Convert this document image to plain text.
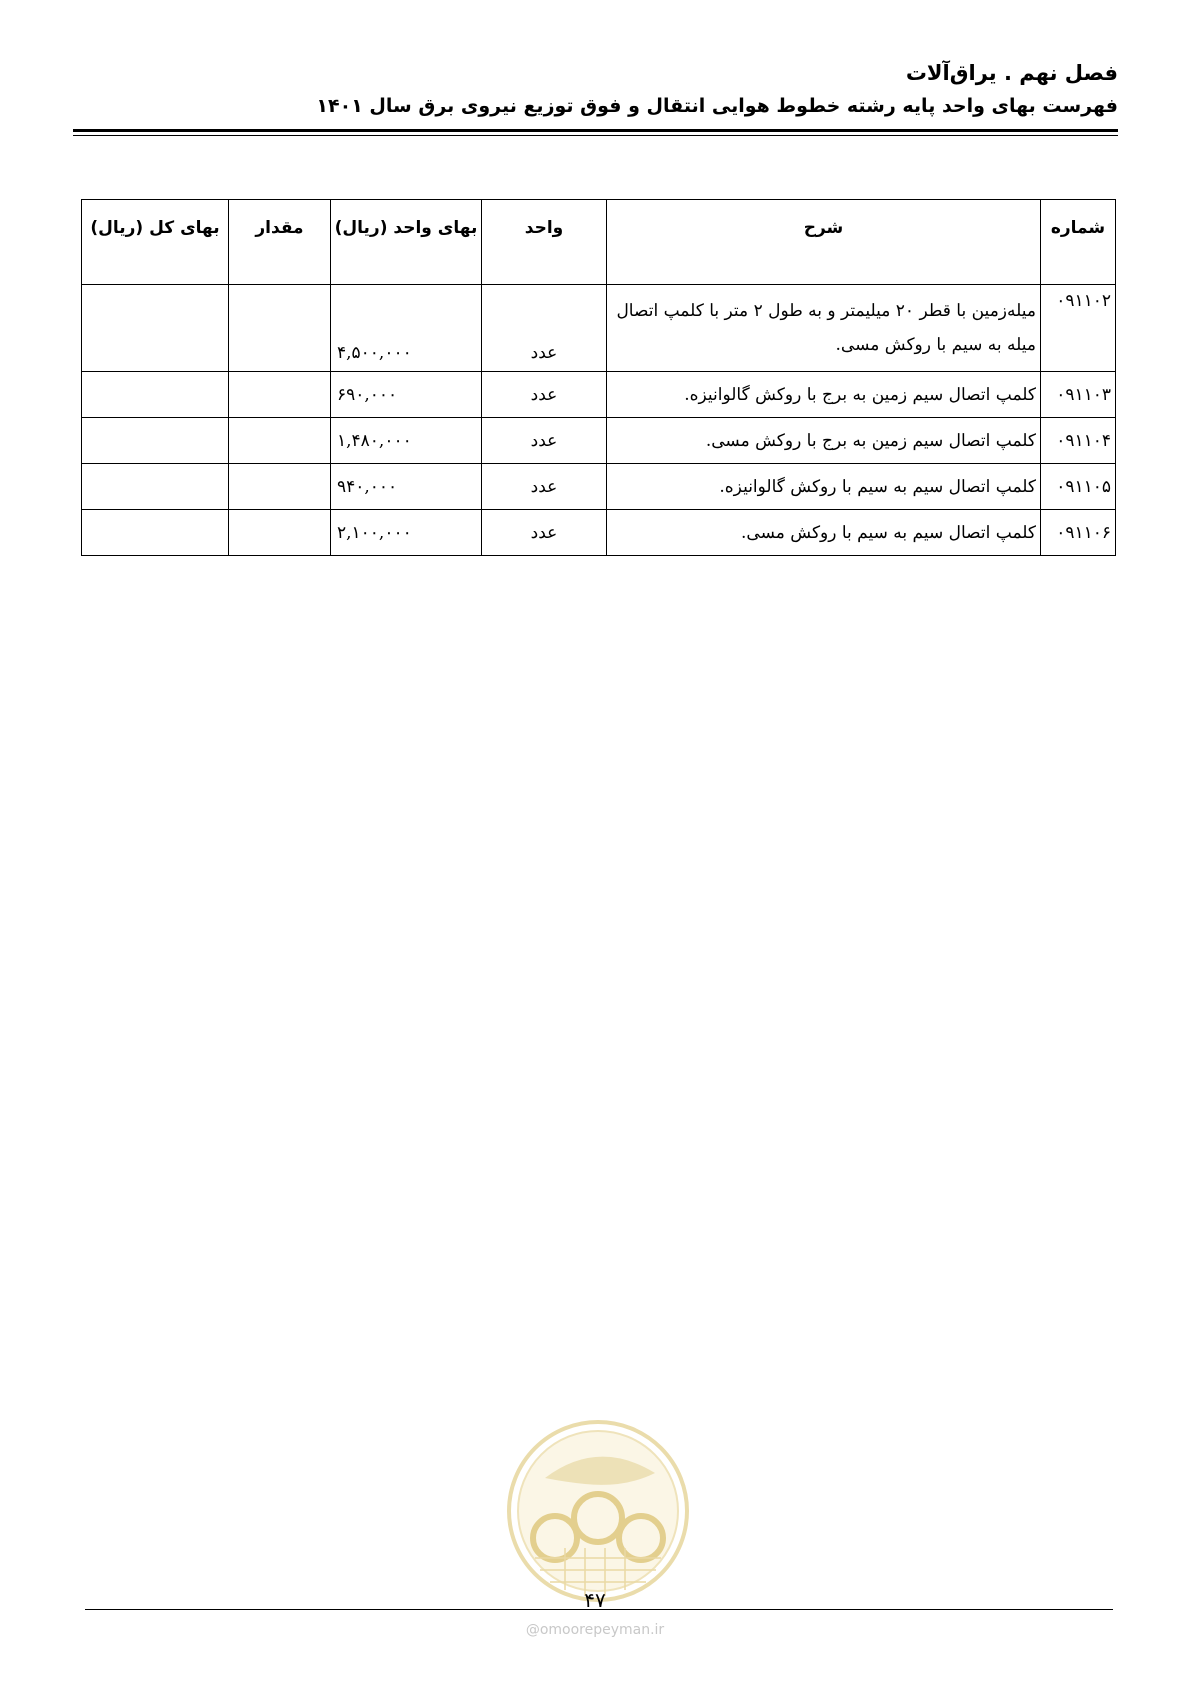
فصل نهم . یراق‌آلات
فهرست بهای واحد پایه رشته خطوط هوایی انتقال و فوق توزیع نیروی برق سال ۱۴۰۱
شماره	شرح	واحد	بهای واحد (ریال)	مقدار	بهای کل (ریال)

۰۹۱۱۰۲	میله‌زمین با قطر ۲۰ میلیمتر و به طول ۲ متر با کلمپ اتصال میله به سیم با روکش مسی.	عدد	۴,۵۰۰,۰۰۰		

۰۹۱۱۰۳	کلمپ اتصال سیم زمین به برج با روکش گالوانیزه.	عدد	۶۹۰,۰۰۰		

۰۹۱۱۰۴	کلمپ اتصال سیم زمین به برج با روکش مسی.	عدد	۱,۴۸۰,۰۰۰		

۰۹۱۱۰۵	کلمپ اتصال سیم به سیم با روکش گالوانیزه.	عدد	۹۴۰,۰۰۰		

۰۹۱۱۰۶	کلمپ اتصال سیم به سیم با روکش مسی.	عدد	۲,۱۰۰,۰۰۰		
۴۷
@omoorepeyman.ir
